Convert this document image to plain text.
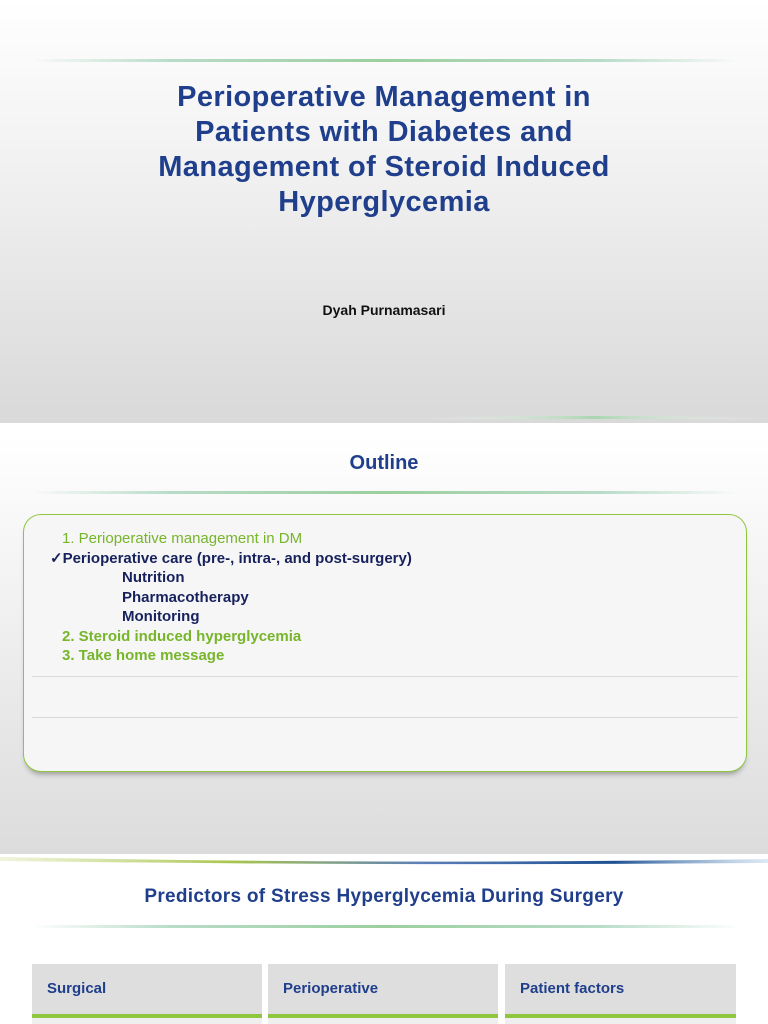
Perioperative Management in
Patients with Diabetes and
Management of Steroid Induced
Hyperglycemia
Dyah Purnamasari
Outline
1. Perioperative management in DM
✓Perioperative care (pre-, intra-, and post-surgery)
Nutrition
Pharmacotherapy
Monitoring
2. Steroid induced hyperglycemia
3. Take home message
Predictors of Stress Hyperglycemia During Surgery
Surgical	Perioperative	Patient factors
